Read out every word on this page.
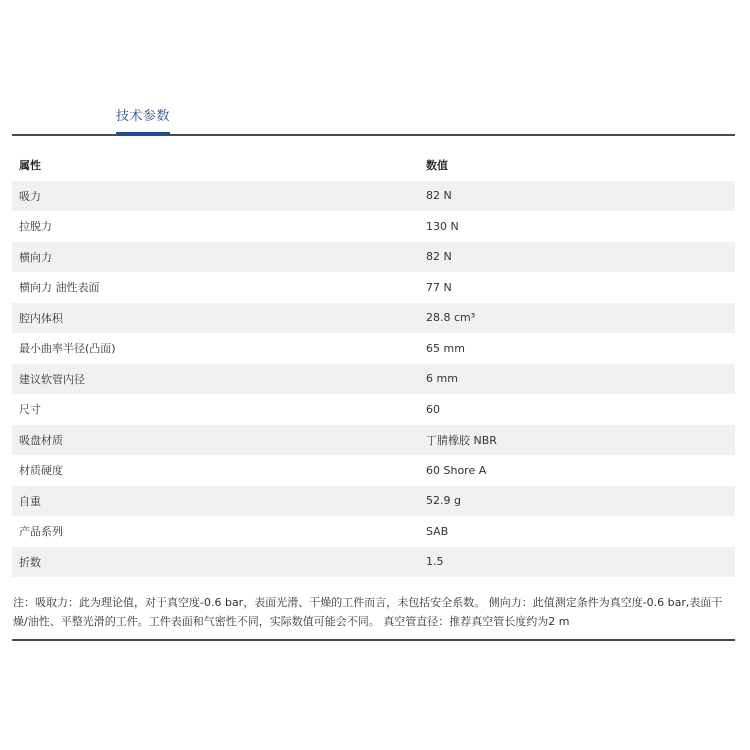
技术参数
属性	数值
吸力	82 N
拉脱力	130 N
横向力	82 N
横向力 油性表面	77 N
腔内体积	28.8 cm³
最小曲率半径(凸面)	65 mm
建议软管内径	6 mm
尺寸	60
吸盘材质	丁腈橡胶 NBR
材质硬度	60 Shore A
自重	52.9 g
产品系列	SAB
折数	1.5
注：吸取力：此为理论值，对于真空度-0.6 bar，表面光滑、干燥的工件而言，未包括安全系数。 侧向力：此值测定条件为真空度-0.6 bar,表面干燥/油性、平整光滑的工件。工件表面和气密性不同，实际数值可能会不同。 真空管直径：推荐真空管长度约为2 m
